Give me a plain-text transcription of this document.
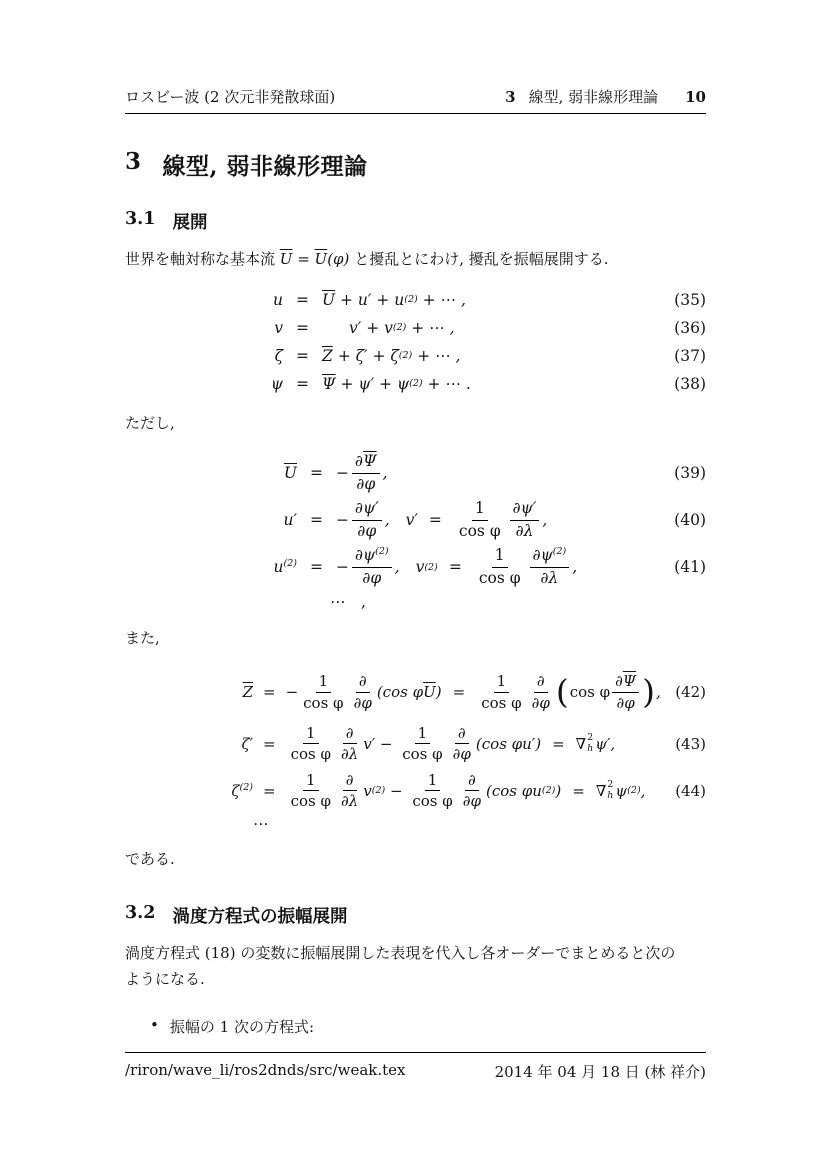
ロスビー波 (2 次元非発散球面)	3 線型, 弱非線形理論 10
3 線型, 弱非線形理論
3.1 展開

世界を軸対称な基本流 $\overline{U} = \overline{U}(\varphi)$ と擾乱とにわけ, 擾乱を振幅展開する.

$u = \overline{U} + u' + u$ (2) + ⋯ ,	(35)
v =	v′ + v (2) + ⋯ ,	(36)
$\zeta = \overline{Z} + \zeta' + \zeta$ (2) + ⋯ ,	(37)
$\psi = \overline{\Psi} + \psi' + \psi$ (2) + ⋯ .	(38)

ただし,

$\overline{U}$ = − $\frac{\partial\overline{\Psi}}{\partial\varphi}$ ,	(39)
u′ = − $\frac{\partial\psi'}{\partial\varphi}$ , $v' = \frac{1}{\text{cos φ}} \frac{\partial\psi'}{\partial\lambda}$ ,	(40)
$u^{(2)}$ = − $\frac{\partial\psi^{(2)}}{\partial\varphi}$ , v $(2) = \frac{1}{\text{cos φ}} \frac{\partial\psi^{(2)}}{\partial\lambda}$ ,	(41)
⋯  ,

また,

$\overline{Z}$ = − $\frac{1}{\text{cos φ}} \frac{\partial}{\partial\varphi} (\cos$ φ $\overline{U}$ ) = $\frac{1}{\text{cos φ}} \frac{\partial}{\partial\varphi}$ ( cos φ $\frac{\partial\overline{\Psi}}{\partial\varphi}$ ) , (42)
$\zeta' = \frac{1}{\text{cos φ}} \frac{\partial}{\partial\lambda} v' - \frac{1}{\text{cos φ}} \frac{\partial}{\partial\varphi} (\cos$ φu′) = ∇ 2
h ψ′,	(43)
$\zeta^{(2)} = \frac{1}{\text{cos φ}} \frac{\partial}{\partial\lambda}$ v $(2) - \frac{1}{\text{cos φ}} \frac{\partial}{\partial\varphi} (\cos$ φu (2) ) = ∇ 2
h ψ (2) ,	(44)
⋯

である.

3.2 渦度方程式の振幅展開

渦度方程式 (18) の変数に振幅展開した表現を代入し各オーダーでまとめると次の
ようになる.

• 振幅の 1 次の方程式:
/riron/wave_li/ros2dnds/src/weak.tex	2014 年 04 月 18 日 (林 祥介)
